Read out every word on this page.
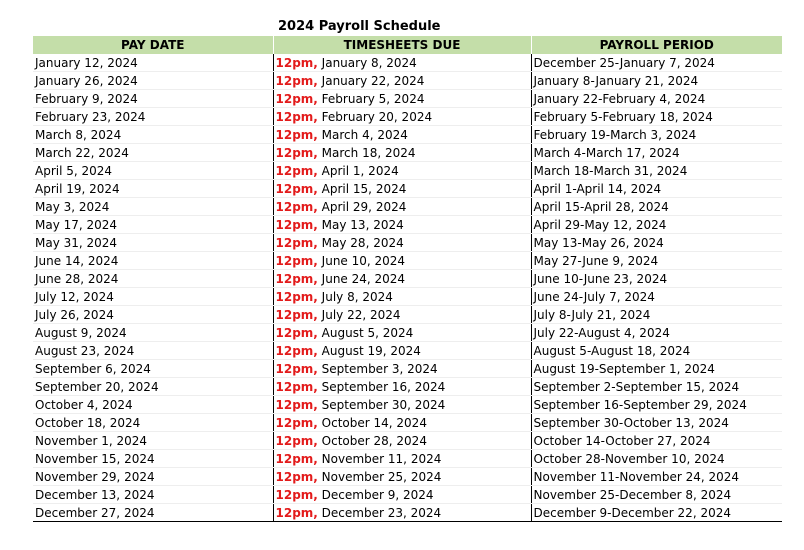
2024 Payroll Schedule
PAY DATE	TIMESHEETS DUE	PAYROLL PERIOD
January 12, 2024	12pm, January 8, 2024	December 25-January 7, 2024
January 26, 2024	12pm, January 22, 2024	January 8-January 21, 2024
February 9, 2024	12pm, February 5, 2024	January 22-February 4, 2024
February 23, 2024	12pm, February 20, 2024	February 5-February 18, 2024
March 8, 2024	12pm, March 4, 2024	February 19-March 3, 2024
March 22, 2024	12pm, March 18, 2024	March 4-March 17, 2024
April 5, 2024	12pm, April 1, 2024	March 18-March 31, 2024
April 19, 2024	12pm, April 15, 2024	April 1-April 14, 2024
May 3, 2024	12pm, April 29, 2024	April 15-April 28, 2024
May 17, 2024	12pm, May 13, 2024	April 29-May 12, 2024
May 31, 2024	12pm, May 28, 2024	May 13-May 26, 2024
June 14, 2024	12pm, June 10, 2024	May 27-June 9, 2024
June 28, 2024	12pm, June 24, 2024	June 10-June 23, 2024
July 12, 2024	12pm, July 8, 2024	June 24-July 7, 2024
July 26, 2024	12pm, July 22, 2024	July 8-July 21, 2024
August 9, 2024	12pm, August 5, 2024	July 22-August 4, 2024
August 23, 2024	12pm, August 19, 2024	August 5-August 18, 2024
September 6, 2024	12pm, September 3, 2024	August 19-September 1, 2024
September 20, 2024	12pm, September 16, 2024	September 2-September 15, 2024
October 4, 2024	12pm, September 30, 2024	September 16-September 29, 2024
October 18, 2024	12pm, October 14, 2024	September 30-October 13, 2024
November 1, 2024	12pm, October 28, 2024	October 14-October 27, 2024
November 15, 2024	12pm, November 11, 2024	October 28-November 10, 2024
November 29, 2024	12pm, November 25, 2024	November 11-November 24, 2024
December 13, 2024	12pm, December 9, 2024	November 25-December 8, 2024
December 27, 2024	12pm, December 23, 2024	December 9-December 22, 2024
